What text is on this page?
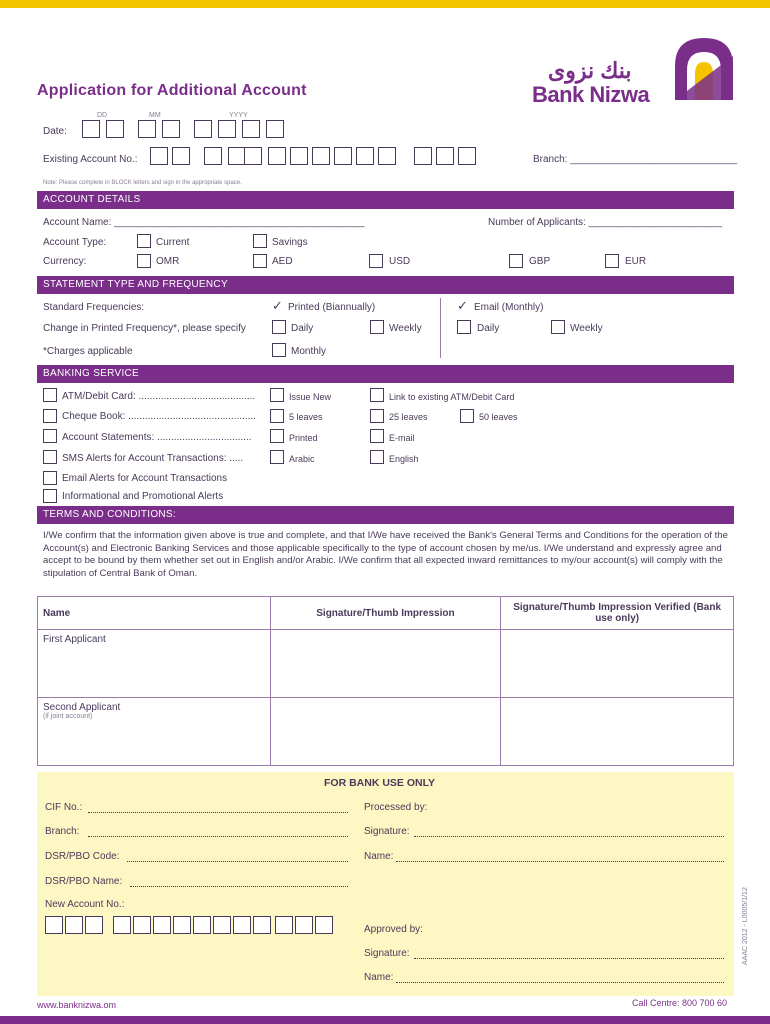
بنك نزوى
Bank Nizwa
Application for Additional Account
DD	MM	YYYY
Date:
Existing Account No.:	Branch: ______________________________
Note: Please complete in BLOCK letters and sign in the appropriate space.
ACCOUNT DETAILS
Account Name: _____________________________________________	Number of Applicants: ________________________
Account Type:	Current	Savings
Currency:	OMR	AED	USD	GBP	EUR
STATEMENT TYPE AND FREQUENCY
Standard Frequencies:	✓ Printed (Biannually)	✓ Email (Monthly)
Change in Printed Frequency*, please specify	Daily	Weekly	Daily	Weekly
*Charges applicable	Monthly
BANKING SERVICE
ATM/Debit Card: ..........................................	Issue New	Link to existing ATM/Debit Card
Cheque Book: ..............................................	5 leaves	25 leaves	50 leaves
Account Statements: ..................................	Printed	E-mail
SMS Alerts for Account Transactions: .....	Arabic	English
Email Alerts for Account Transactions
Informational and Promotional Alerts
TERMS AND CONDITIONS:
I/We confirm that the information given above is true and complete, and that I/We have received the Bank's General Terms and Conditions for the operation of the Account(s) and Electronic Banking Services and those applicable specifically to the type of account chosen by me/us. I/We understand and expressly agree and accept to be bound by them whether set out in English and/or Arabic. I/We confirm that all expected inward remittances to my/our account(s) will comply with the stipulation of Central Bank of Oman.
Name	Signature/Thumb Impression	Signature/Thumb Impression Verified (Bank use only)
First Applicant		

Second Applicant
(if joint account)		

FOR BANK USE ONLY
CIF No.:
Branch:
DSR/PBO Code:
DSR/PBO Name:
New Account No.:
Processed by:
Signature:
Name:
Approved by:
Signature:
Name:
AAAC 2012 - L0005/1/12
www.banknizwa.om	Call Centre: 800 700 60
